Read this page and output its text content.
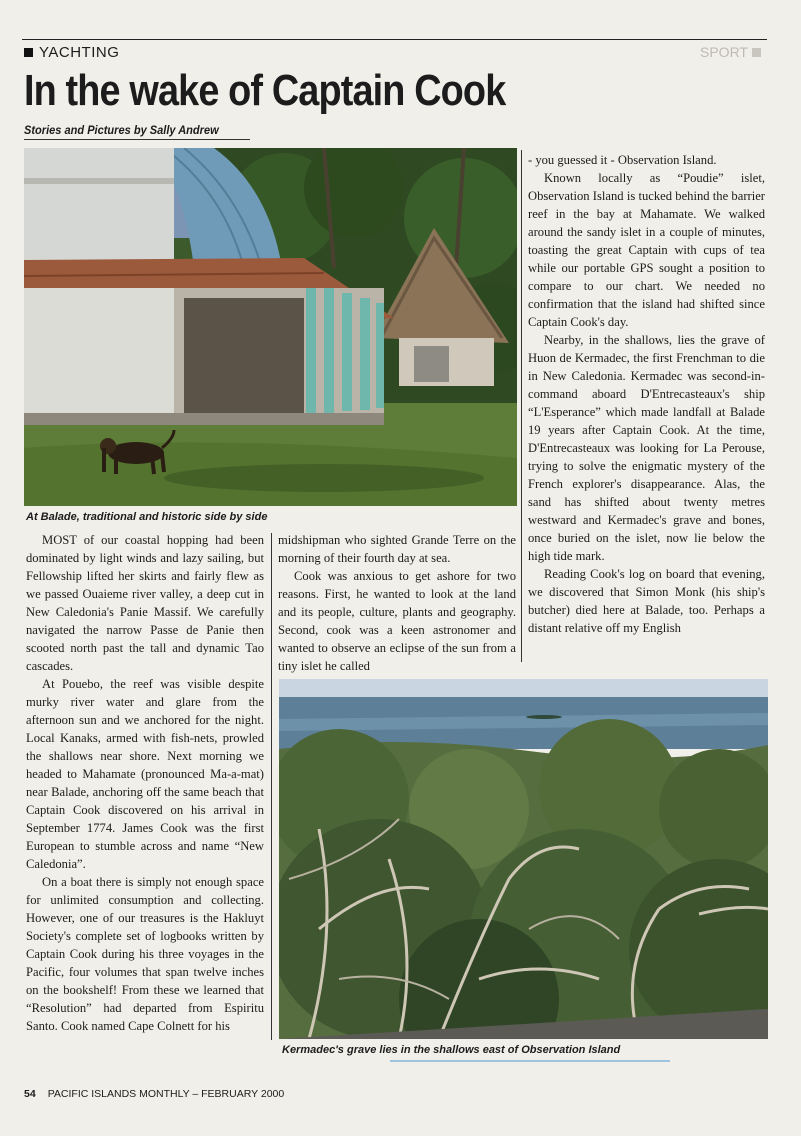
YACHTING	SPORT
In the wake of Captain Cook
Stories and Pictures by Sally Andrew
At Balade, traditional and historic side by side

MOST of our coastal hopping had been dominated by light winds and lazy sailing, but Fellowship lifted her skirts and fairly flew as we passed Ouaieme river valley, a deep cut in New Caledonia's Panie Massif. We carefully navigated the narrow Passe de Panie then scooted north past the tall and dynamic Tao cascades.

At Pouebo, the reef was visible despite murky river water and glare from the afternoon sun and we anchored for the night. Local Kanaks, armed with fish-nets, prowled the shallows near shore. Next morning we headed to Mahamate (pronounced Ma-a-mat) near Balade, anchoring off the same beach that Captain Cook discovered on his arrival in September 1774. James Cook was the first European to stumble across and name “New Caledonia”.

On a boat there is simply not enough space for unlimited consumption and collecting. However, one of our treasures is the Hakluyt Society's complete set of logbooks written by Captain Cook during his three voyages in the Pacific, four volumes that span twelve inches on the bookshelf! From these we learned that “Resolution” had departed from Espiritu Santo. Cook named Cape Colnett for his

midshipman who sighted Grande Terre on the morning of their fourth day at sea.

Cook was anxious to get ashore for two reasons. First, he wanted to look at the land and its people, culture, plants and geography. Second, cook was a keen astronomer and wanted to observe an eclipse of the sun from a tiny islet he called

- you guessed it - Observation Island.

Known locally as “Poudie” islet, Observation Island is tucked behind the barrier reef in the bay at Mahamate. We walked around the sandy islet in a couple of minutes, toasting the great Captain with cups of tea while our portable GPS sought a position to compare to our chart. We needed no confirmation that the island had shifted since Captain Cook's day.

Nearby, in the shallows, lies the grave of Huon de Kermadec, the first Frenchman to die in New Caledonia. Kermadec was second-in-command aboard D'Entrecasteaux's ship “L'Esperance” which made landfall at Balade 19 years after Captain Cook. At the time, D'Entrecasteaux was looking for La Perouse, trying to solve the enigmatic mystery of the French explorer's disappearance. Alas, the sand has shifted about twenty metres westward and Kermadec's grave and bones, once buried on the islet, now lie below the high tide mark.

Reading Cook's log on board that evening, we discovered that Simon Monk (his ship's butcher) died here at Balade, too. Perhaps a distant relative off my English

Kermadec's grave lies in the shallows east of Observation Island
54 PACIFIC ISLANDS MONTHLY – FEBRUARY 2000
